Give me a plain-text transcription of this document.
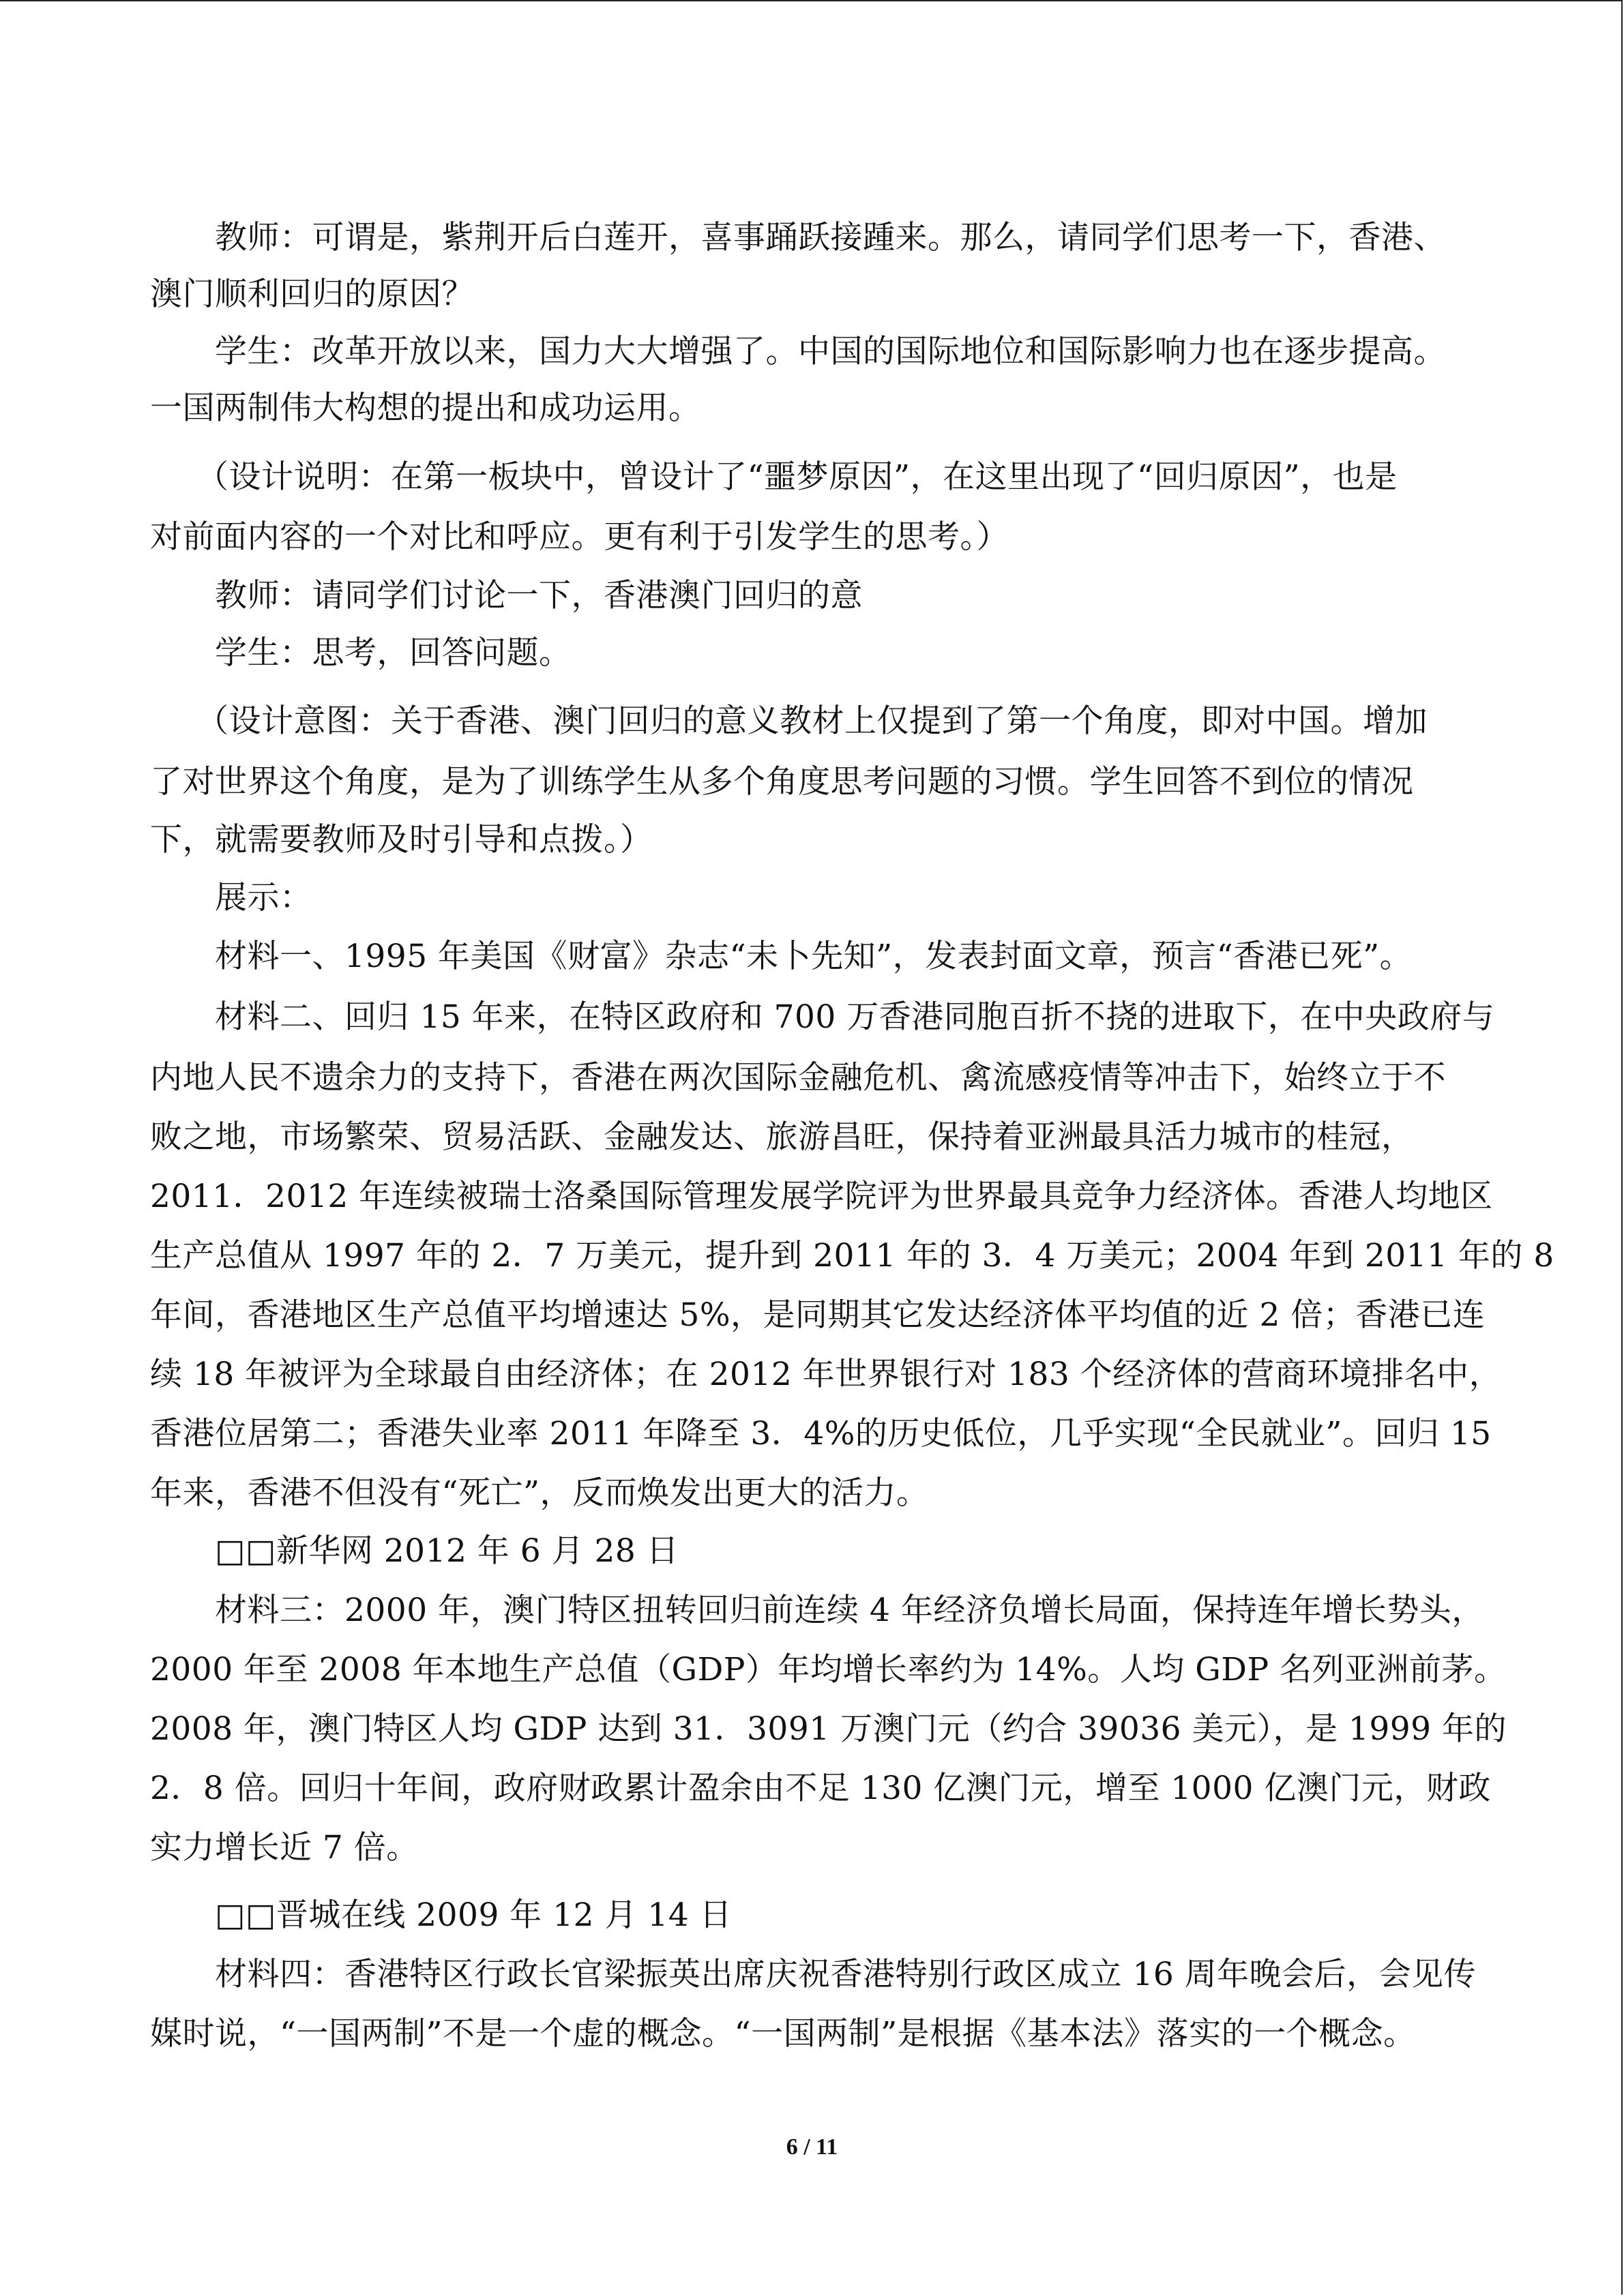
教师：可谓是，紫荆开后白莲开，喜事踊跃接踵来。那么，请同学们思考一下，香港、
澳门顺利回归的原因？
学生：改革开放以来，国力大大增强了。中国的国际地位和国际影响力也在逐步提高。
一国两制伟大构想的提出和成功运用。
（设计说明：在第一板块中，曾设计了“噩梦原因”，在这里出现了“回归原因”，也是
对前面内容的一个对比和呼应。更有利于引发学生的思考。）
教师：请同学们讨论一下，香港澳门回归的意
学生：思考，回答问题。
（设计意图：关于香港、澳门回归的意义教材上仅提到了第一个角度，即对中国。增加
了对世界这个角度，是为了训练学生从多个角度思考问题的习惯。学生回答不到位的情况
下，就需要教师及时引导和点拨。）
展示：
材料一、1995 年美国《财富》杂志“未卜先知”，发表封面文章，预言“香港已死”。
材料二、回归 15 年来，在特区政府和 700 万香港同胞百折不挠的进取下，在中央政府与
内地人民不遗余力的支持下，香港在两次国际金融危机、禽流感疫情等冲击下，始终立于不
败之地，市场繁荣、贸易活跃、金融发达、旅游昌旺，保持着亚洲最具活力城市的桂冠，
2011．2012 年连续被瑞士洛桑国际管理发展学院评为世界最具竞争力经济体。香港人均地区
生产总值从 1997 年的 2．7 万美元，提升到 2011 年的 3．4 万美元；2004 年到 2011 年的 8
年间，香港地区生产总值平均增速达 5%，是同期其它发达经济体平均值的近 2 倍；香港已连
续 18 年被评为全球最自由经济体；在 2012 年世界银行对 183 个经济体的营商环境排名中，
香港位居第二；香港失业率 2011 年降至 3．4%的历史低位，几乎实现“全民就业”。回归 15
年来，香港不但没有“死亡”，反而焕发出更大的活力。
□□新华网 2012 年 6 月 28 日
材料三：2000 年，澳门特区扭转回归前连续 4 年经济负增长局面，保持连年增长势头，
2000 年至 2008 年本地生产总值（GDP）年均增长率约为 14%。人均 GDP 名列亚洲前茅。
2008 年，澳门特区人均 GDP 达到 31．3091 万澳门元（约合 39036 美元），是 1999 年的
2．8 倍。回归十年间，政府财政累计盈余由不足 130 亿澳门元，增至 1000 亿澳门元，财政
实力增长近 7 倍。
□□晋城在线 2009 年 12 月 14 日
材料四：香港特区行政长官梁振英出席庆祝香港特别行政区成立 16 周年晚会后，会见传
媒时说，“一国两制”不是一个虚的概念。“一国两制”是根据《基本法》落实的一个概念。
6 / 11
